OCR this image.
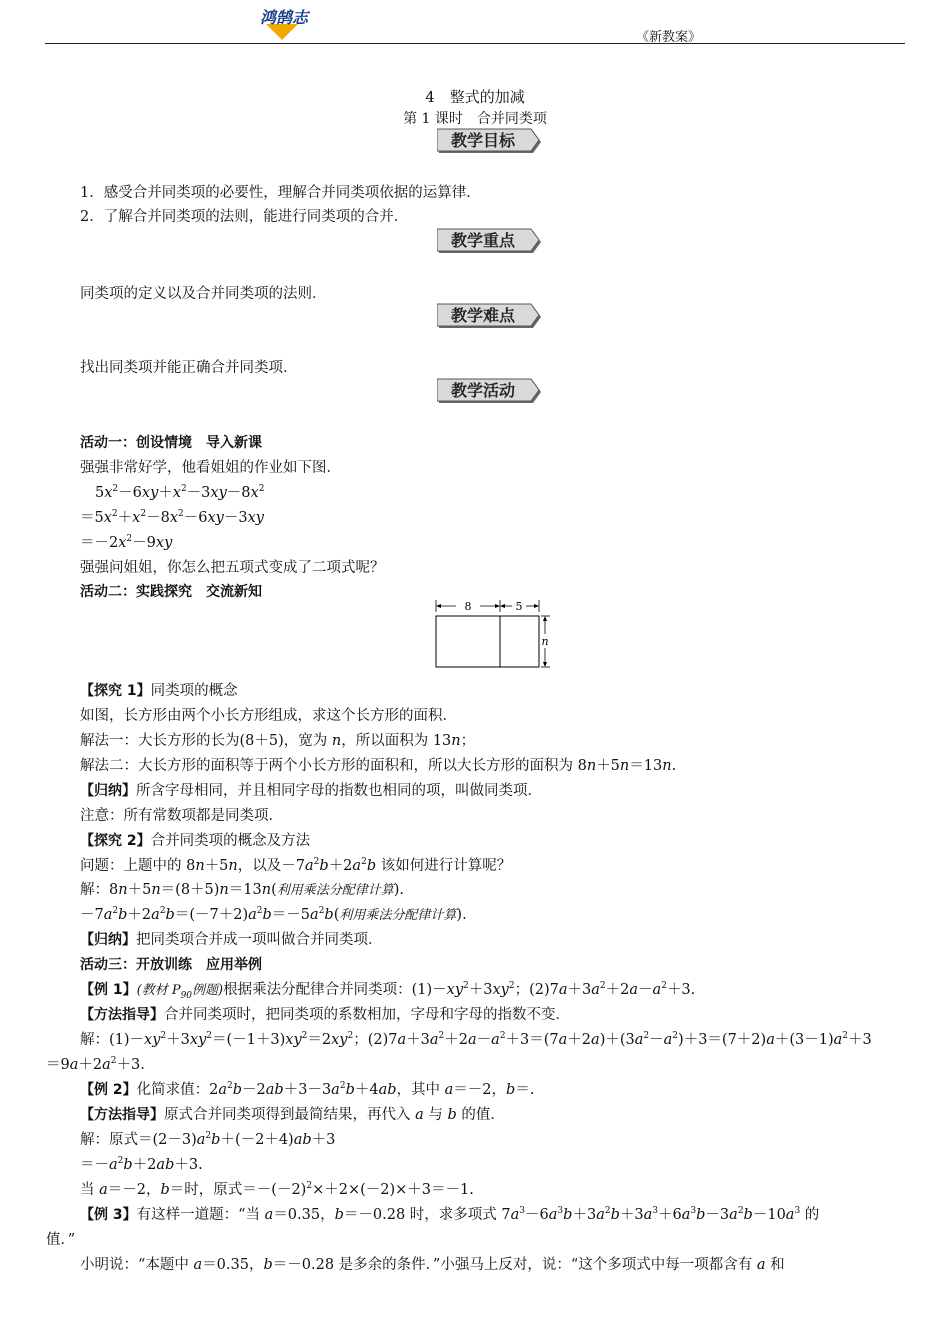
鸿鹄志
《新教案》
4　整式的加减
第 1 课时　合并同类项
教学目标
教学重点
教学难点
教学活动
1．感受合并同类项的必要性，理解合并同类项依据的运算律．
2．了解合并同类项的法则，能进行同类项的合并．
同类项的定义以及合并同类项的法则．
找出同类项并能正确合并同类项．
活动一：创设情境　导入新课
强强非常好学，他看姐姐的作业如下图．
$5x^2-6xy+x^2-3xy-8x^2$
$=5x^2+x^2-8x^2-6xy-3xy$
$=-2x^2-9xy$
强强问姐姐，你怎么把五项式变成了二项式呢？
活动二：实践探究　交流新知
8	5
n
【探究 1】同类项的概念
如图，长方形由两个小长方形组成，求这个长方形的面积．
解法一：大长方形的长为(8＋5)，宽为 n，所以面积为 13n；
解法二：大长方形的面积等于两个小长方形的面积和，所以大长方形的面积为 8n＋5n＝13n.
【归纳】所含字母相同，并且相同字母的指数也相同的项，叫做同类项．
注意：所有常数项都是同类项．
【探究 2】合并同类项的概念及方法
问题：上题中的 8n＋5n，以及$-7a^2b+2a^2b$ 该如何进行计算呢？
解：8n＋5n＝(8＋5)n＝13n(利用乘法分配律计算).
$-7a^2b+2a^2b=(-7+2)a^2b=-5a^2b$(利用乘法分配律计算).
【归纳】把同类项合并成一项叫做合并同类项．
活动三：开放训练　应用举例
【例 1】(教材 $P_{90}$例题)根据乘法分配律合并同类项：$(1)-xy^2+3xy^2$；$(2)7a+3a^2+2a-a^2+3$.
【方法指导】合并同类项时，把同类项的系数相加，字母和字母的指数不变．
解：$(1)-xy^2+3xy^2=(-1+3)xy^2=2xy^2$；$(2)7a+3a^2+2a-a^2+3=(7a+2a)+(3a^2-a^2)+3=(7+2)a+(3-1)a^2+3$
$=9a+2a^2+3$.
【例 2】化简求值：$2a^2b-2ab+3-3a^2b+4ab$，其中 a＝－2，b＝.
【方法指导】原式合并同类项得到最简结果，再代入 a 与 b 的值．
解：原式$=(2-3)a^2b+(-2+4)ab+3$
$=-a^2b+2ab+3$.
当 a＝－2，b＝时，原式$=-(-2)^2\times+2\times(-2)\times+3=-1$.
【例 3】有这样一道题：“当 a＝0.35，b＝－0.28 时，求多项式 $7a^3-6a^3b+3a^2b+3a^3+6a^3b-3a^2b-10a^3$ 的
值．”
小明说：“本题中 a＝0.35，b＝－0.28 是多余的条件．”小强马上反对，说：“这个多项式中每一项都含有 a 和
